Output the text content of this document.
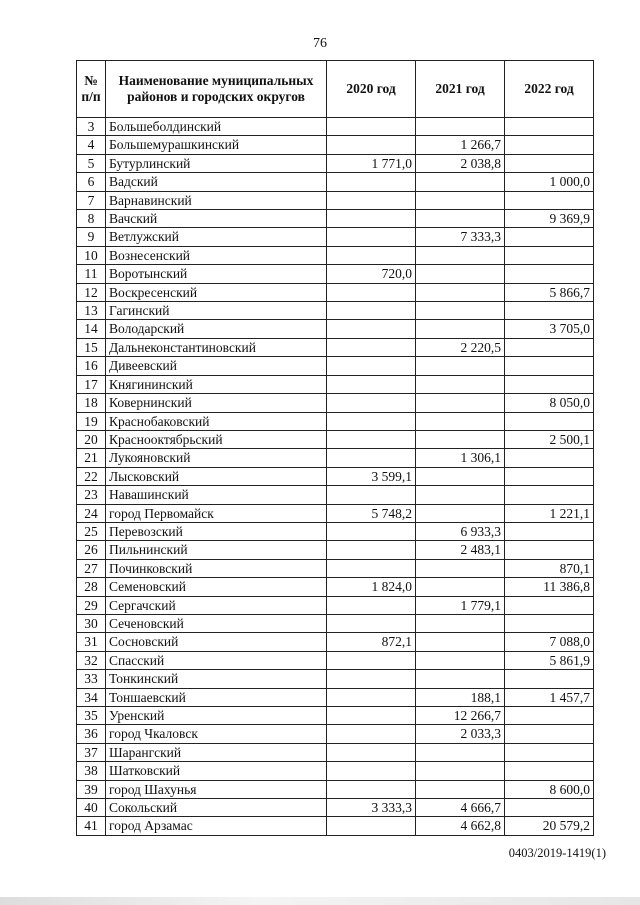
76
№ п/п	Наименование муниципальных районов и городских округов	2020 год	2021 год	2022 год
3	Большеболдинский			
4	Большемурашкинский		1 266,7	
5	Бутурлинский	1 771,0	2 038,8	
6	Вадский			1 000,0
7	Варнавинский			
8	Вачский			9 369,9
9	Ветлужский		7 333,3	
10	Вознесенский			
11	Воротынский	720,0		
12	Воскресенский			5 866,7
13	Гагинский			
14	Володарский			3 705,0
15	Дальнеконстантиновский		2 220,5	
16	Дивеевский			
17	Княгининский			
18	Ковернинский			8 050,0
19	Краснобаковский			
20	Краснооктябрьский			2 500,1
21	Лукояновский		1 306,1	
22	Лысковский	3 599,1		
23	Навашинский			
24	город Первомайск	5 748,2		1 221,1
25	Перевозский		6 933,3	
26	Пильнинский		2 483,1	
27	Починковский			870,1
28	Семеновский	1 824,0		11 386,8
29	Сергачский		1 779,1	
30	Сеченовский			
31	Сосновский	872,1		7 088,0
32	Спасский			5 861,9
33	Тонкинский			
34	Тоншаевский		188,1	1 457,7
35	Уренский		12 266,7	
36	город Чкаловск		2 033,3	
37	Шарангский			
38	Шатковский			
39	город Шахунья			8 600,0
40	Сокольский	3 333,3	4 666,7	
41	город Арзамас		4 662,8	20 579,2
0403/2019-1419(1)
